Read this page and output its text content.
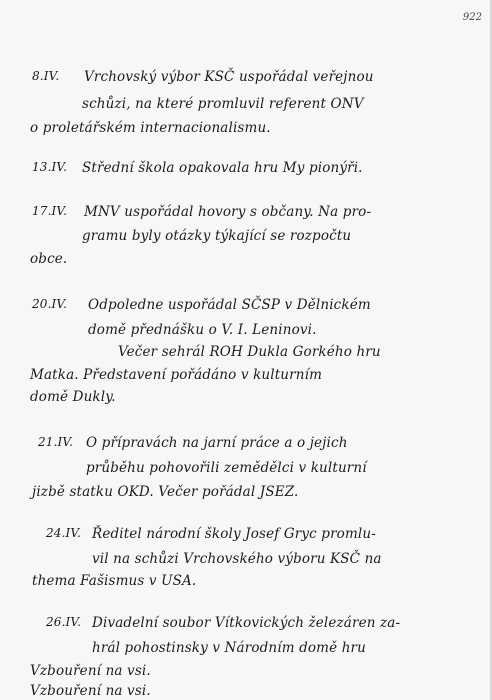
922
8.IV. Vrchovský výbor KSČ uspořádal veřejnou
schůzi, na které promluvil referent ONV
o proletářském internacionalismu.
13.IV. Střední škola opakovala hru My pionýři.
17.IV. MNV uspořádal hovory s občany. Na pro-
gramu byly otázky týkající se rozpočtu
obce.
20.IV. Odpoledne uspořádal SČSP v Dělnickém
domě přednášku o V. I. Leninovi.
Večer sehrál ROH Dukla Gorkého hru
Matka. Představení pořádáno v kulturním
domě Dukly.
21.IV. O přípravách na jarní práce a o jejich
průběhu pohovořili zemědělci v kulturní
jizbě statku OKD. Večer pořádal JSEZ.
24.IV. Ředitel národní školy Josef Gryc promlu-
vil na schůzi Vrchovského výboru KSČ na
thema Fašismus v USA.
26.IV. Divadelní soubor Vítkovických železáren za-
hrál pohostinsky v Národním domě hru
Vzbouření na vsi.
Vzbouření na vsi.
